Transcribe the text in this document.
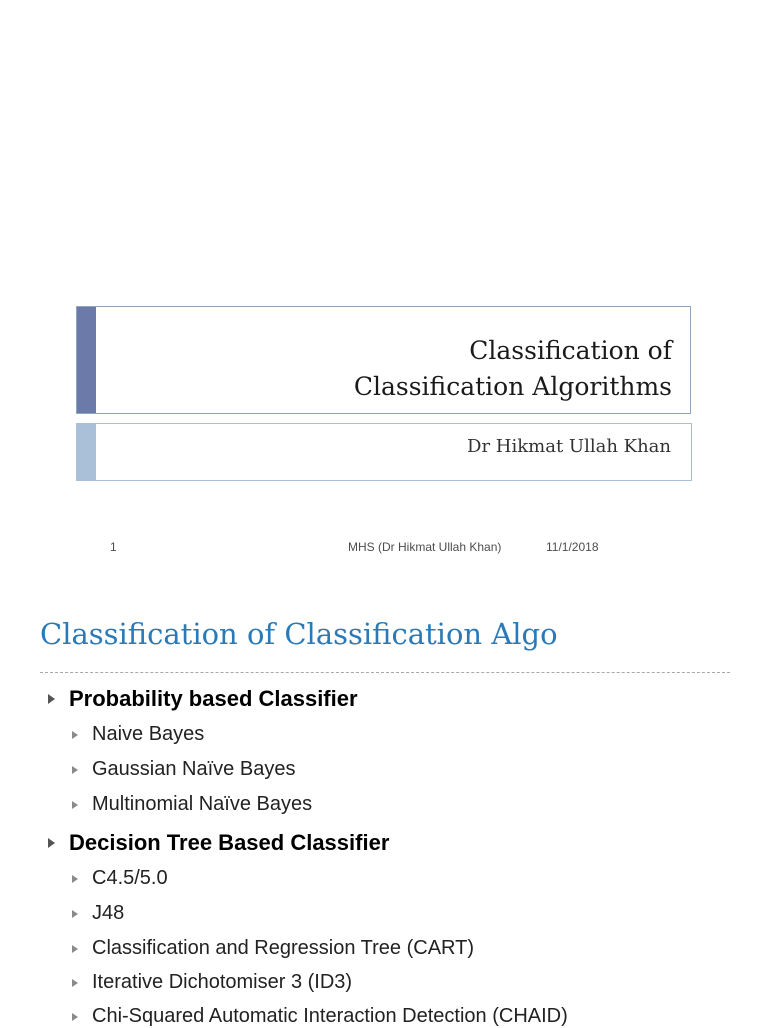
Classification of
Classification Algorithms
Dr Hikmat Ullah Khan
1	MHS (Dr Hikmat Ullah Khan)	11/1/2018
Classification of Classification Algo
Probability based Classifier
Naive Bayes
Gaussian Naïve Bayes
Multinomial Naïve Bayes
Decision Tree Based Classifier
C4.5/5.0
J48
Classification and Regression Tree (CART)
Iterative Dichotomiser 3 (ID3)
Chi-Squared Automatic Interaction Detection (CHAID)
